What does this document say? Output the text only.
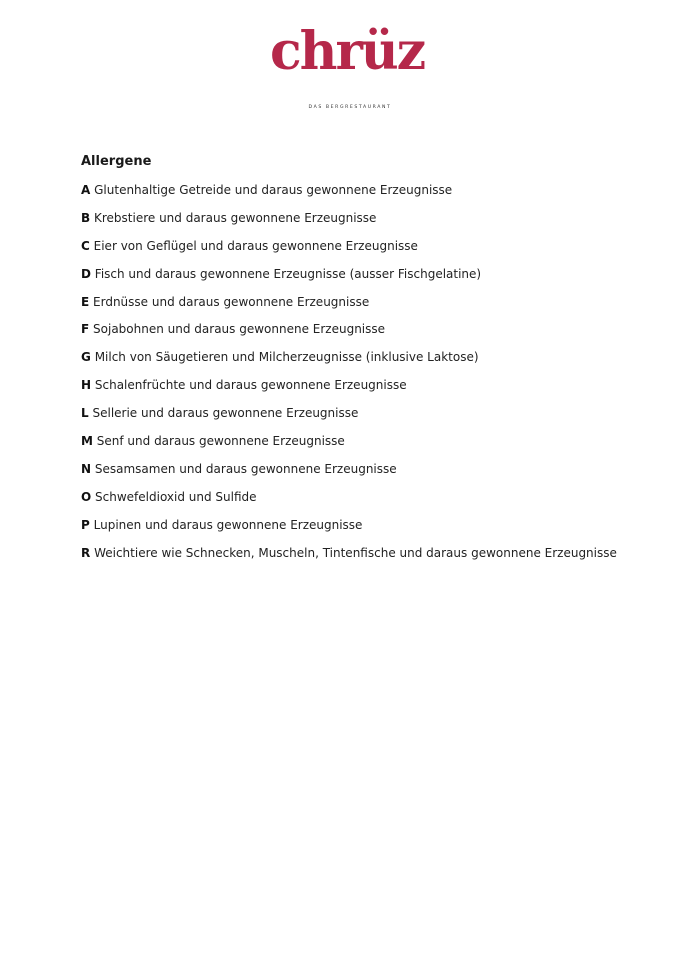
chrüz
DAS BERGRESTAURANT
Allergene
A Glutenhaltige Getreide und daraus gewonnene Erzeugnisse
B Krebstiere und daraus gewonnene Erzeugnisse
C Eier von Geflügel und daraus gewonnene Erzeugnisse
D Fisch und daraus gewonnene Erzeugnisse (ausser Fischgelatine)
E Erdnüsse und daraus gewonnene Erzeugnisse
F Sojabohnen und daraus gewonnene Erzeugnisse
G Milch von Säugetieren und Milcherzeugnisse (inklusive Laktose)
H Schalenfrüchte und daraus gewonnene Erzeugnisse
L Sellerie und daraus gewonnene Erzeugnisse
M Senf und daraus gewonnene Erzeugnisse
N Sesamsamen und daraus gewonnene Erzeugnisse
O Schwefeldioxid und Sulfide
P Lupinen und daraus gewonnene Erzeugnisse
R Weichtiere wie Schnecken, Muscheln, Tintenfische und daraus gewonnene Erzeugnisse
